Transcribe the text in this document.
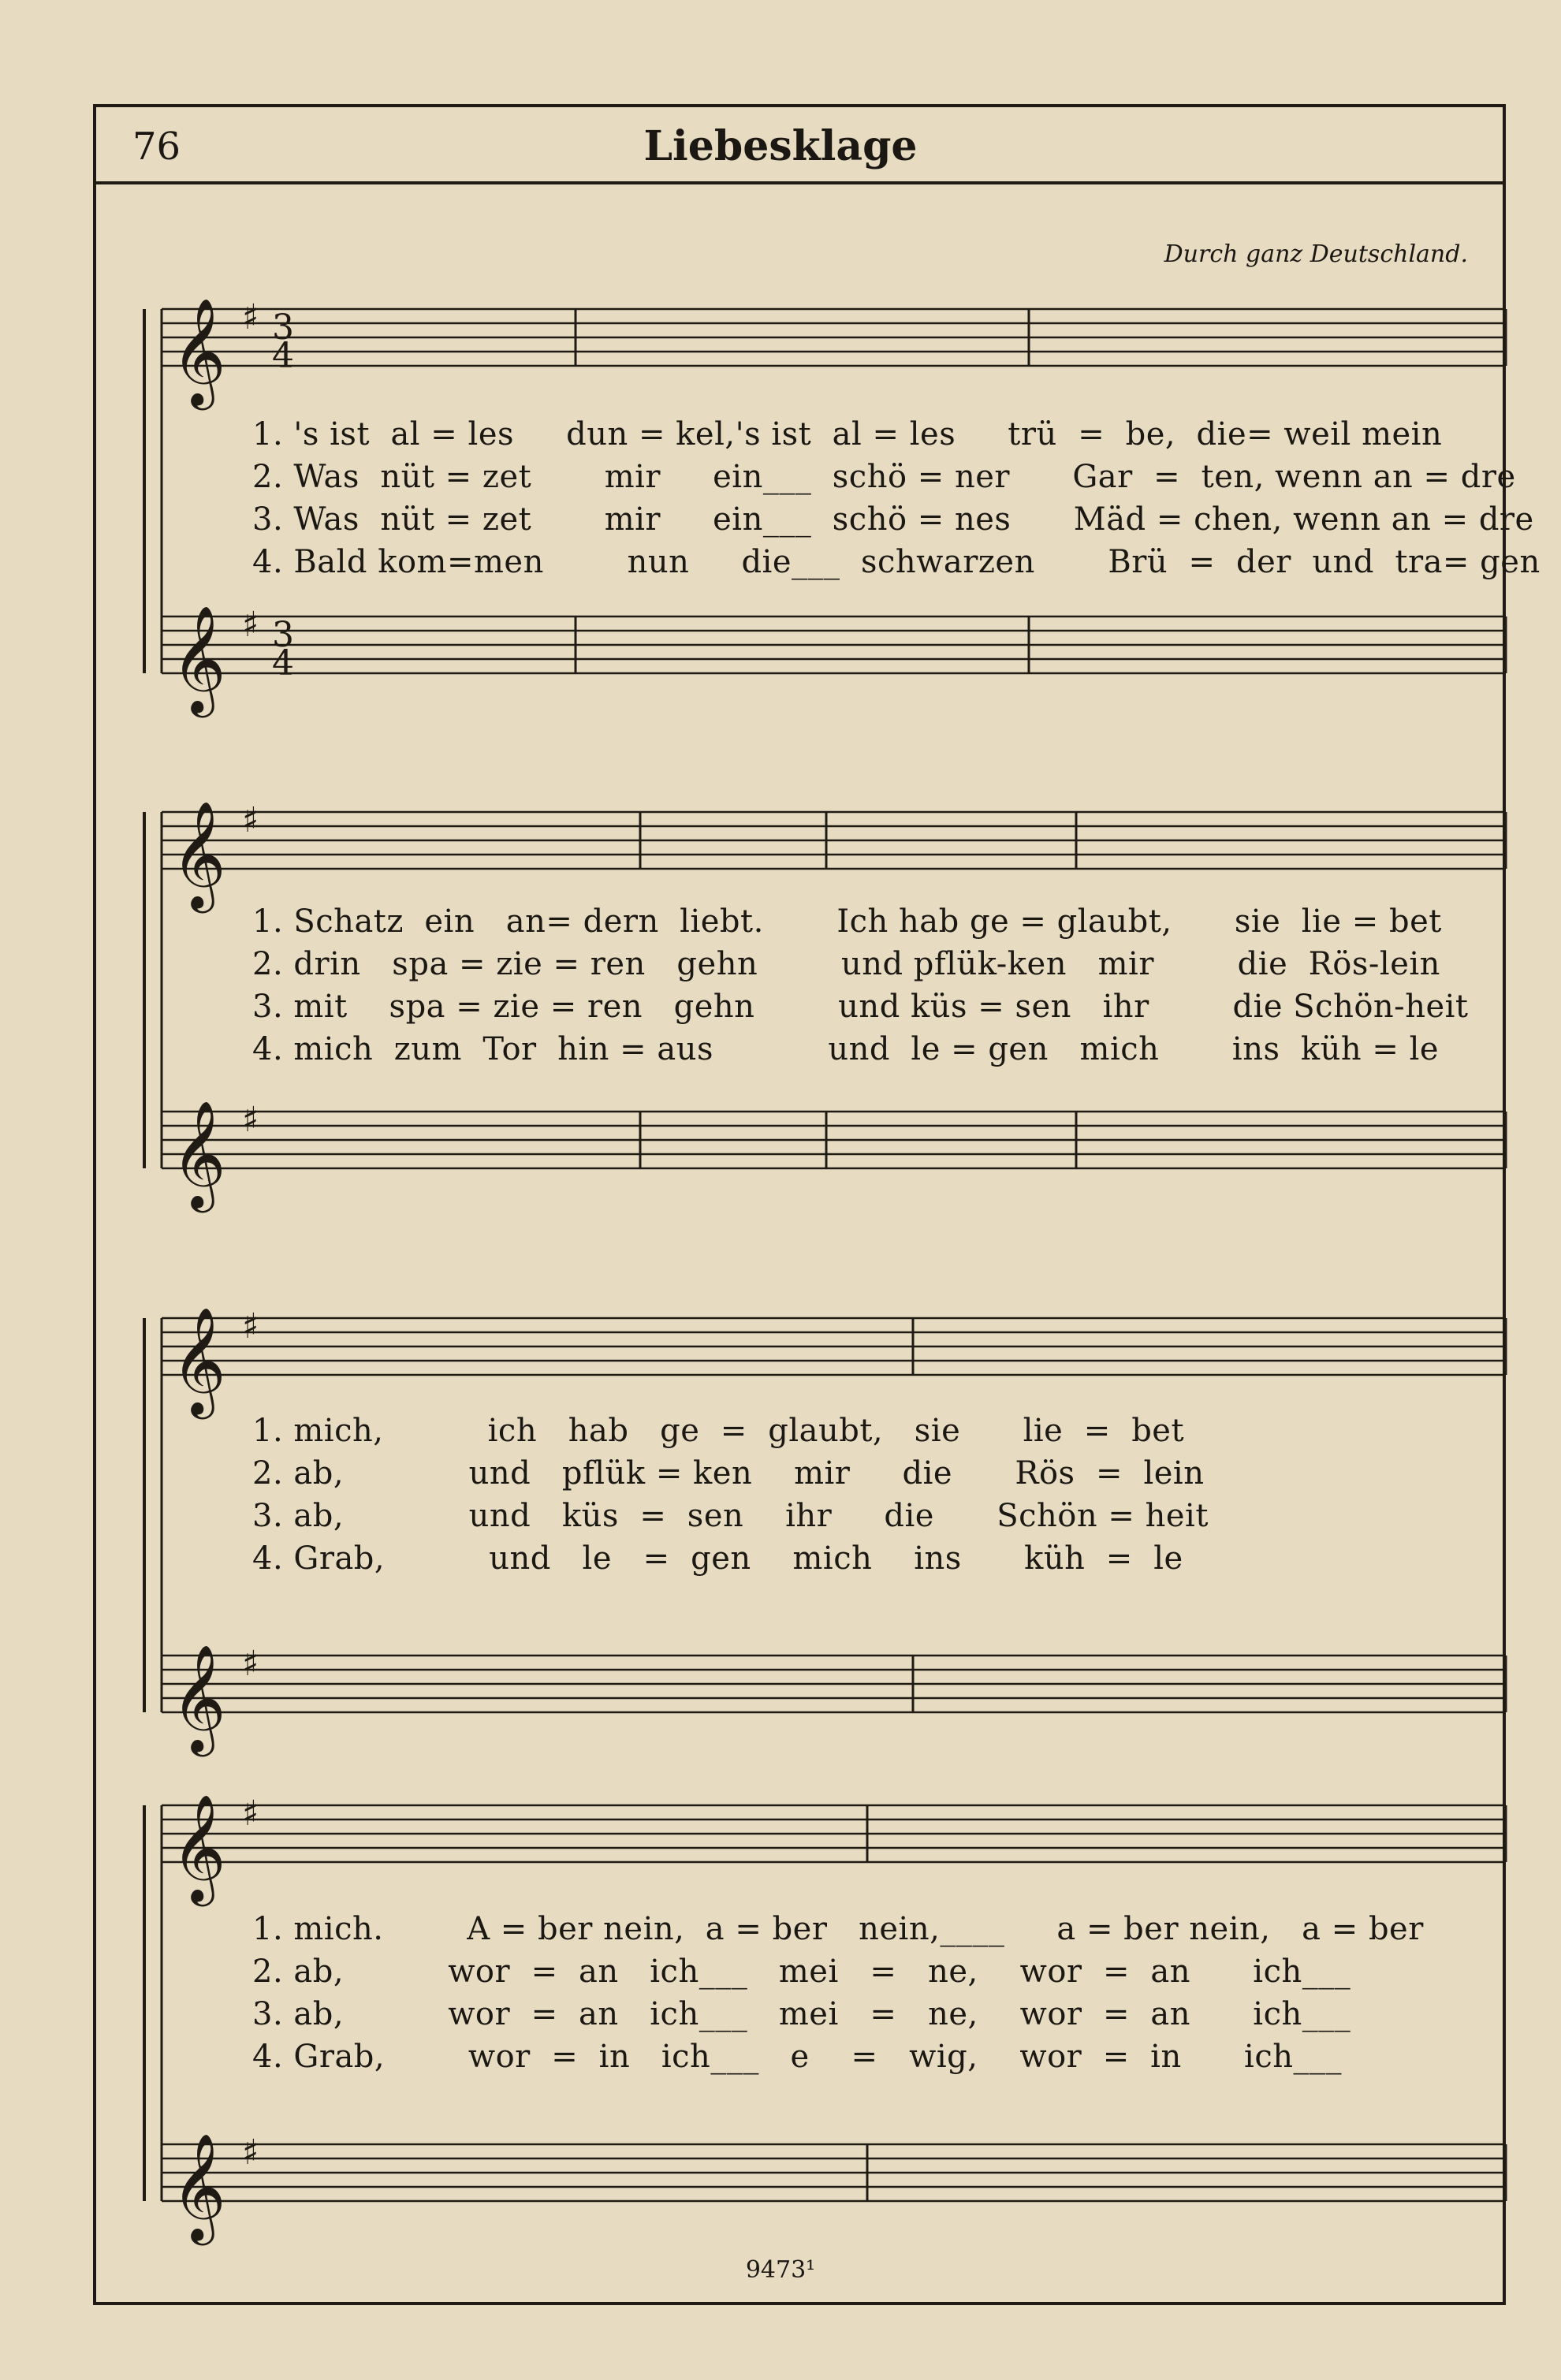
76	Liebesklage
Durch ganz Deutschland.
𝄞 ♯
𝄞 ♯
𝄞 ♯
𝄞 ♯
𝄞 ♯
𝄞 ♯
𝄞 ♯
𝄞 ♯
3
4
3
4
1. 's ist  al = les     dun = kel,'s ist  al = les     trü  =  be,  die= weil mein
2. Was  nüt = zet       mir     ein___  schö = ner      Gar  =  ten, wenn an = dre
3. Was  nüt = zet       mir     ein___  schö = nes      Mäd = chen, wenn an = dre
4. Bald kom=men        nun     die___  schwarzen       Brü  =  der  und  tra= gen
1. Schatz  ein   an= dern  liebt.       Ich hab ge = glaubt,      sie  lie = bet
2. drin   spa = zie = ren   gehn        und pflük-ken   mir        die  Rös-lein
3. mit    spa = zie = ren   gehn        und küs = sen   ihr        die Schön-heit
4. mich  zum  Tor  hin = aus           und  le = gen   mich       ins  küh = le
1. mich,          ich   hab   ge  =  glaubt,   sie      lie  =  bet
2. ab,            und   pflük = ken    mir     die      Rös  =  lein
3. ab,            und   küs  =  sen    ihr     die      Schön = heit
4. Grab,          und   le   =  gen    mich    ins      küh  =  le
1. mich.        A = ber nein,  a = ber   nein,____     a = ber nein,   a = ber
2. ab,          wor  =  an   ich___   mei   =   ne,    wor  =  an      ich___
3. ab,          wor  =  an   ich___   mei   =   ne,    wor  =  an      ich___
4. Grab,        wor  =  in   ich___   e    =   wig,    wor  =  in      ich___
9473¹
